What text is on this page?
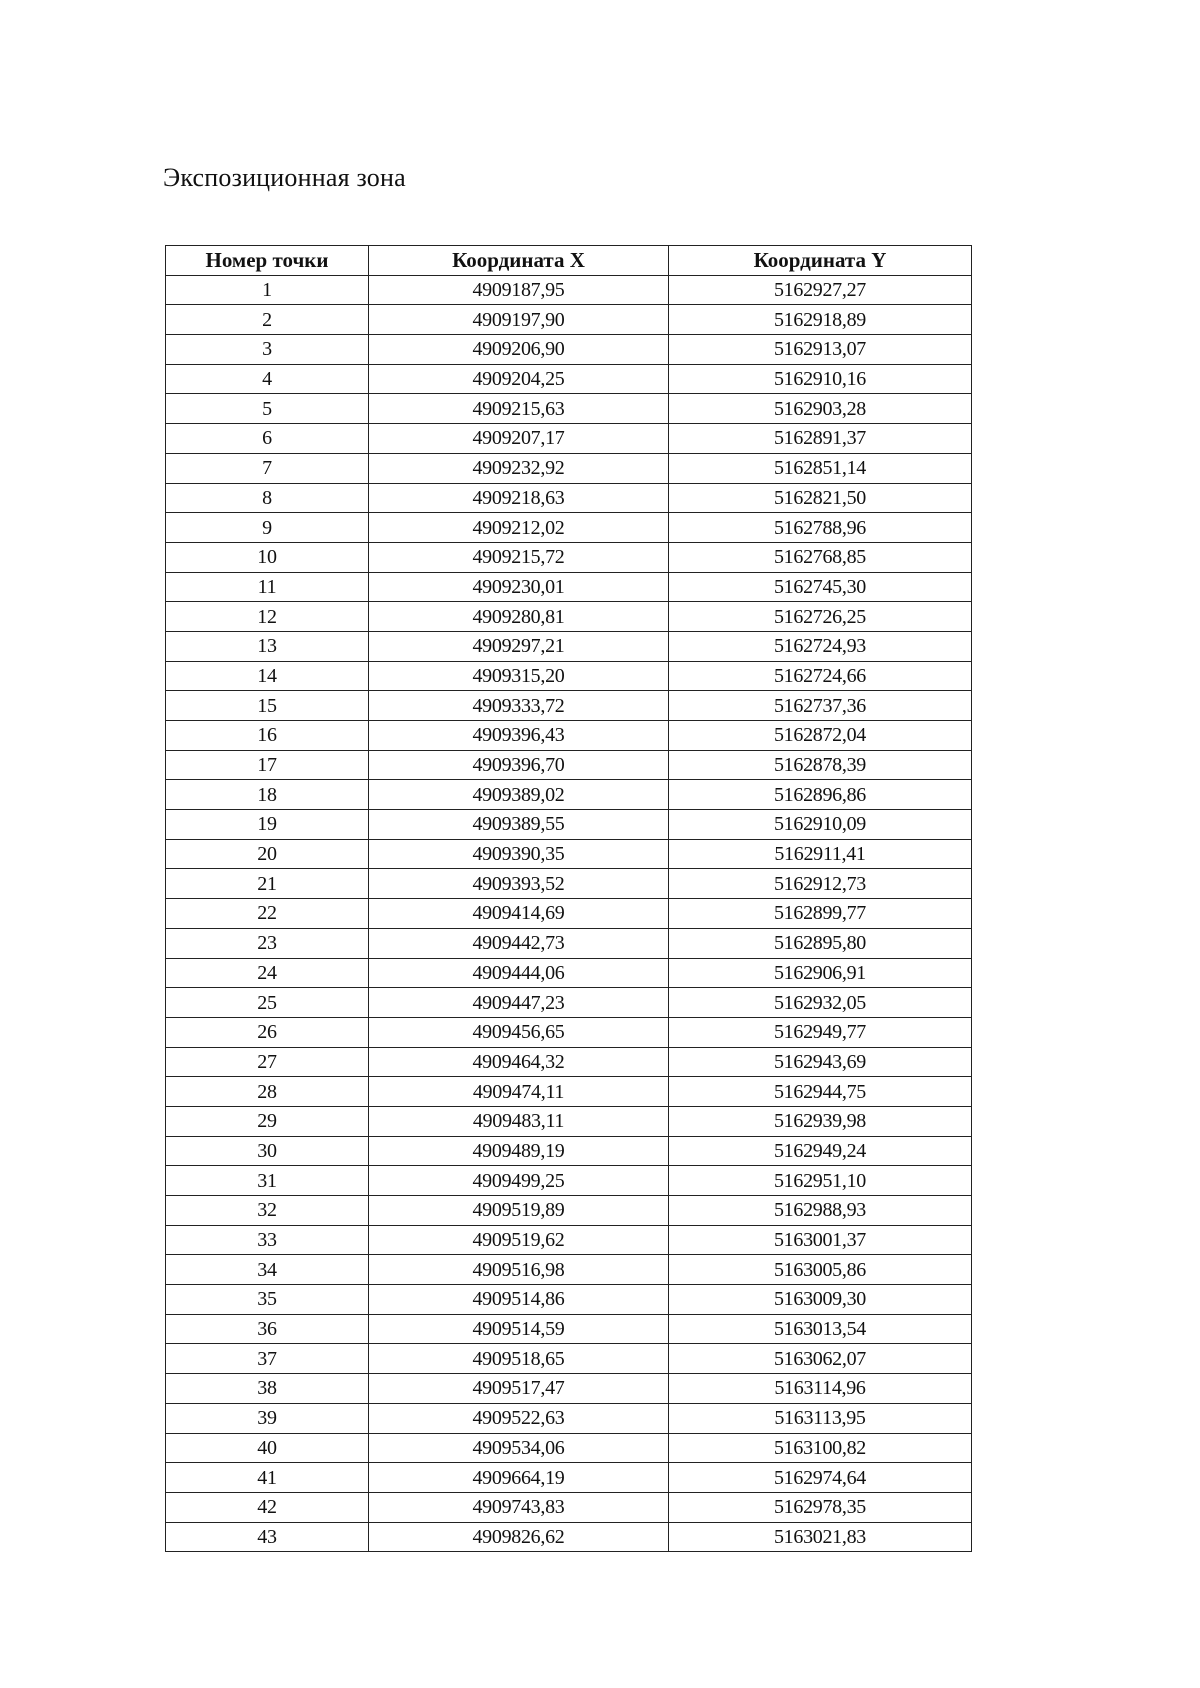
Экспозиционная зона
Номер точки	Координата X	Координата Y
1	4909187,95	5162927,27
2	4909197,90	5162918,89
3	4909206,90	5162913,07
4	4909204,25	5162910,16
5	4909215,63	5162903,28
6	4909207,17	5162891,37
7	4909232,92	5162851,14
8	4909218,63	5162821,50
9	4909212,02	5162788,96
10	4909215,72	5162768,85
11	4909230,01	5162745,30
12	4909280,81	5162726,25
13	4909297,21	5162724,93
14	4909315,20	5162724,66
15	4909333,72	5162737,36
16	4909396,43	5162872,04
17	4909396,70	5162878,39
18	4909389,02	5162896,86
19	4909389,55	5162910,09
20	4909390,35	5162911,41
21	4909393,52	5162912,73
22	4909414,69	5162899,77
23	4909442,73	5162895,80
24	4909444,06	5162906,91
25	4909447,23	5162932,05
26	4909456,65	5162949,77
27	4909464,32	5162943,69
28	4909474,11	5162944,75
29	4909483,11	5162939,98
30	4909489,19	5162949,24
31	4909499,25	5162951,10
32	4909519,89	5162988,93
33	4909519,62	5163001,37
34	4909516,98	5163005,86
35	4909514,86	5163009,30
36	4909514,59	5163013,54
37	4909518,65	5163062,07
38	4909517,47	5163114,96
39	4909522,63	5163113,95
40	4909534,06	5163100,82
41	4909664,19	5162974,64
42	4909743,83	5162978,35
43	4909826,62	5163021,83
